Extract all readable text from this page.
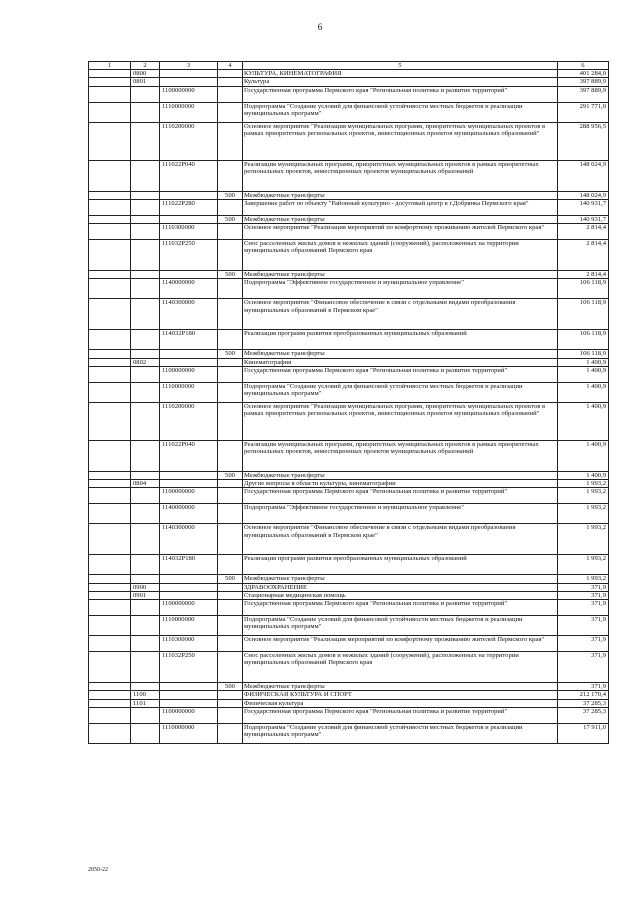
6
1	2	3	4	5	6
	0800			КУЛЬТУРА, КИНЕМАТОГРАФИЯ	401 284,0
	0801			Культура	397 889,9
		1100000000		Государственная программа Пермского края "Региональная политика и развитие территорий"	397 889,9
		1110000000		Подпрограмма "Создание условий для финансовой устойчивости местных бюджетов и реализации муниципальных программ"	291 771,0
		1110200000		Основное мероприятие "Реализация муниципальных программ, приоритетных муниципальных проектов в рамках приоритетных региональных проектов, инвестиционных проектов муниципальных образований"	288 956,5
		111022P040		Реализация муниципальных программ, приоритетных муниципальных проектов в рамках приоритетных региональных проектов, инвестиционных проектов муниципальных образований	148 024,9
			500	Межбюджетные трансферты	148 024,9
		111022P280		Завершение работ по объекту "Районный культурно - досуговый центр в г.Добрянка Пермского края"	140 931,7
			500	Межбюджетные трансферты	140 931,7
		1110300000		Основное мероприятие "Реализация мероприятий по комфортному проживанию жителей Пермского края"	2 814,4
		111032P250		Снос расселенных жилых домов и нежилых зданий (сооружений), расположенных на территории муниципальных образований Пермского края	2 814,4
			500	Межбюджетные трансферты	2 814,4
		1140000000		Подпрограмма "Эффективное государственное и муниципальное управление"	106 118,9
		1140300000		Основное мероприятие "Финансовое обеспечение в связи с отдельными видами преобразования муниципальных образований в Пермском крае"	106 118,9
		114032P180		Реализация программ развития преобразованных муниципальных образований	106 118,9
			500	Межбюджетные трансферты	106 118,9
	0802			Кинематография	1 400,9
		1100000000		Государственная программа Пермского края "Региональная политика и развитие территорий"	1 400,9
		1110000000		Подпрограмма "Создание условий для финансовой устойчивости местных бюджетов и реализации муниципальных программ"	1 400,9
		1110200000		Основное мероприятие "Реализация муниципальных программ, приоритетных муниципальных проектов в рамках приоритетных региональных проектов, инвестиционных проектов муниципальных образований"	1 400,9
		111022P040		Реализация муниципальных программ, приоритетных муниципальных проектов в рамках приоритетных региональных проектов, инвестиционных проектов муниципальных образований	1 400,9
			500	Межбюджетные трансферты	1 400,9
	0804			Другие вопросы в области культуры, кинематографии	1 993,2
		1100000000		Государственная программа Пермского края "Региональная политика и развитие территорий"	1 993,2
		1140000000		Подпрограмма "Эффективное государственное и муниципальное управление"	1 993,2
		1140300000		Основное мероприятие "Финансовое обеспечение в связи с отдельными видами преобразования муниципальных образований в Пермском крае"	1 993,2
		114032P180		Реализация программ развития преобразованных муниципальных образований	1 993,2
			500	Межбюджетные трансферты	1 993,2
	0900			ЗДРАВООХРАНЕНИЕ	371,9
	0901			Стационарная медицинская помощь	371,9
		1100000000		Государственная программа Пермского края "Региональная политика и развитие территорий"	371,9
		1110000000		Подпрограмма "Создание условий для финансовой устойчивости местных бюджетов и реализации муниципальных программ"	371,9
		1110300000		Основное мероприятие "Реализация мероприятий по комфортному проживанию жителей Пермского края"	371,9
		111032P250		Снос расселенных жилых домов и нежилых зданий (сооружений), расположенных на территории муниципальных образований Пермского края	371,9
			500	Межбюджетные трансферты	371,9
	1100			ФИЗИЧЕСКАЯ КУЛЬТУРА И СПОРТ	212 170,4
	1101			Физическая культура	37 285,3
		1100000000		Государственная программа Пермского края "Региональная политика и развитие территорий"	37 285,3
		1110000000		Подпрограмма "Создание условий для финансовой устойчивости местных бюджетов и реализации муниципальных программ"	17 911,0
2050-22
